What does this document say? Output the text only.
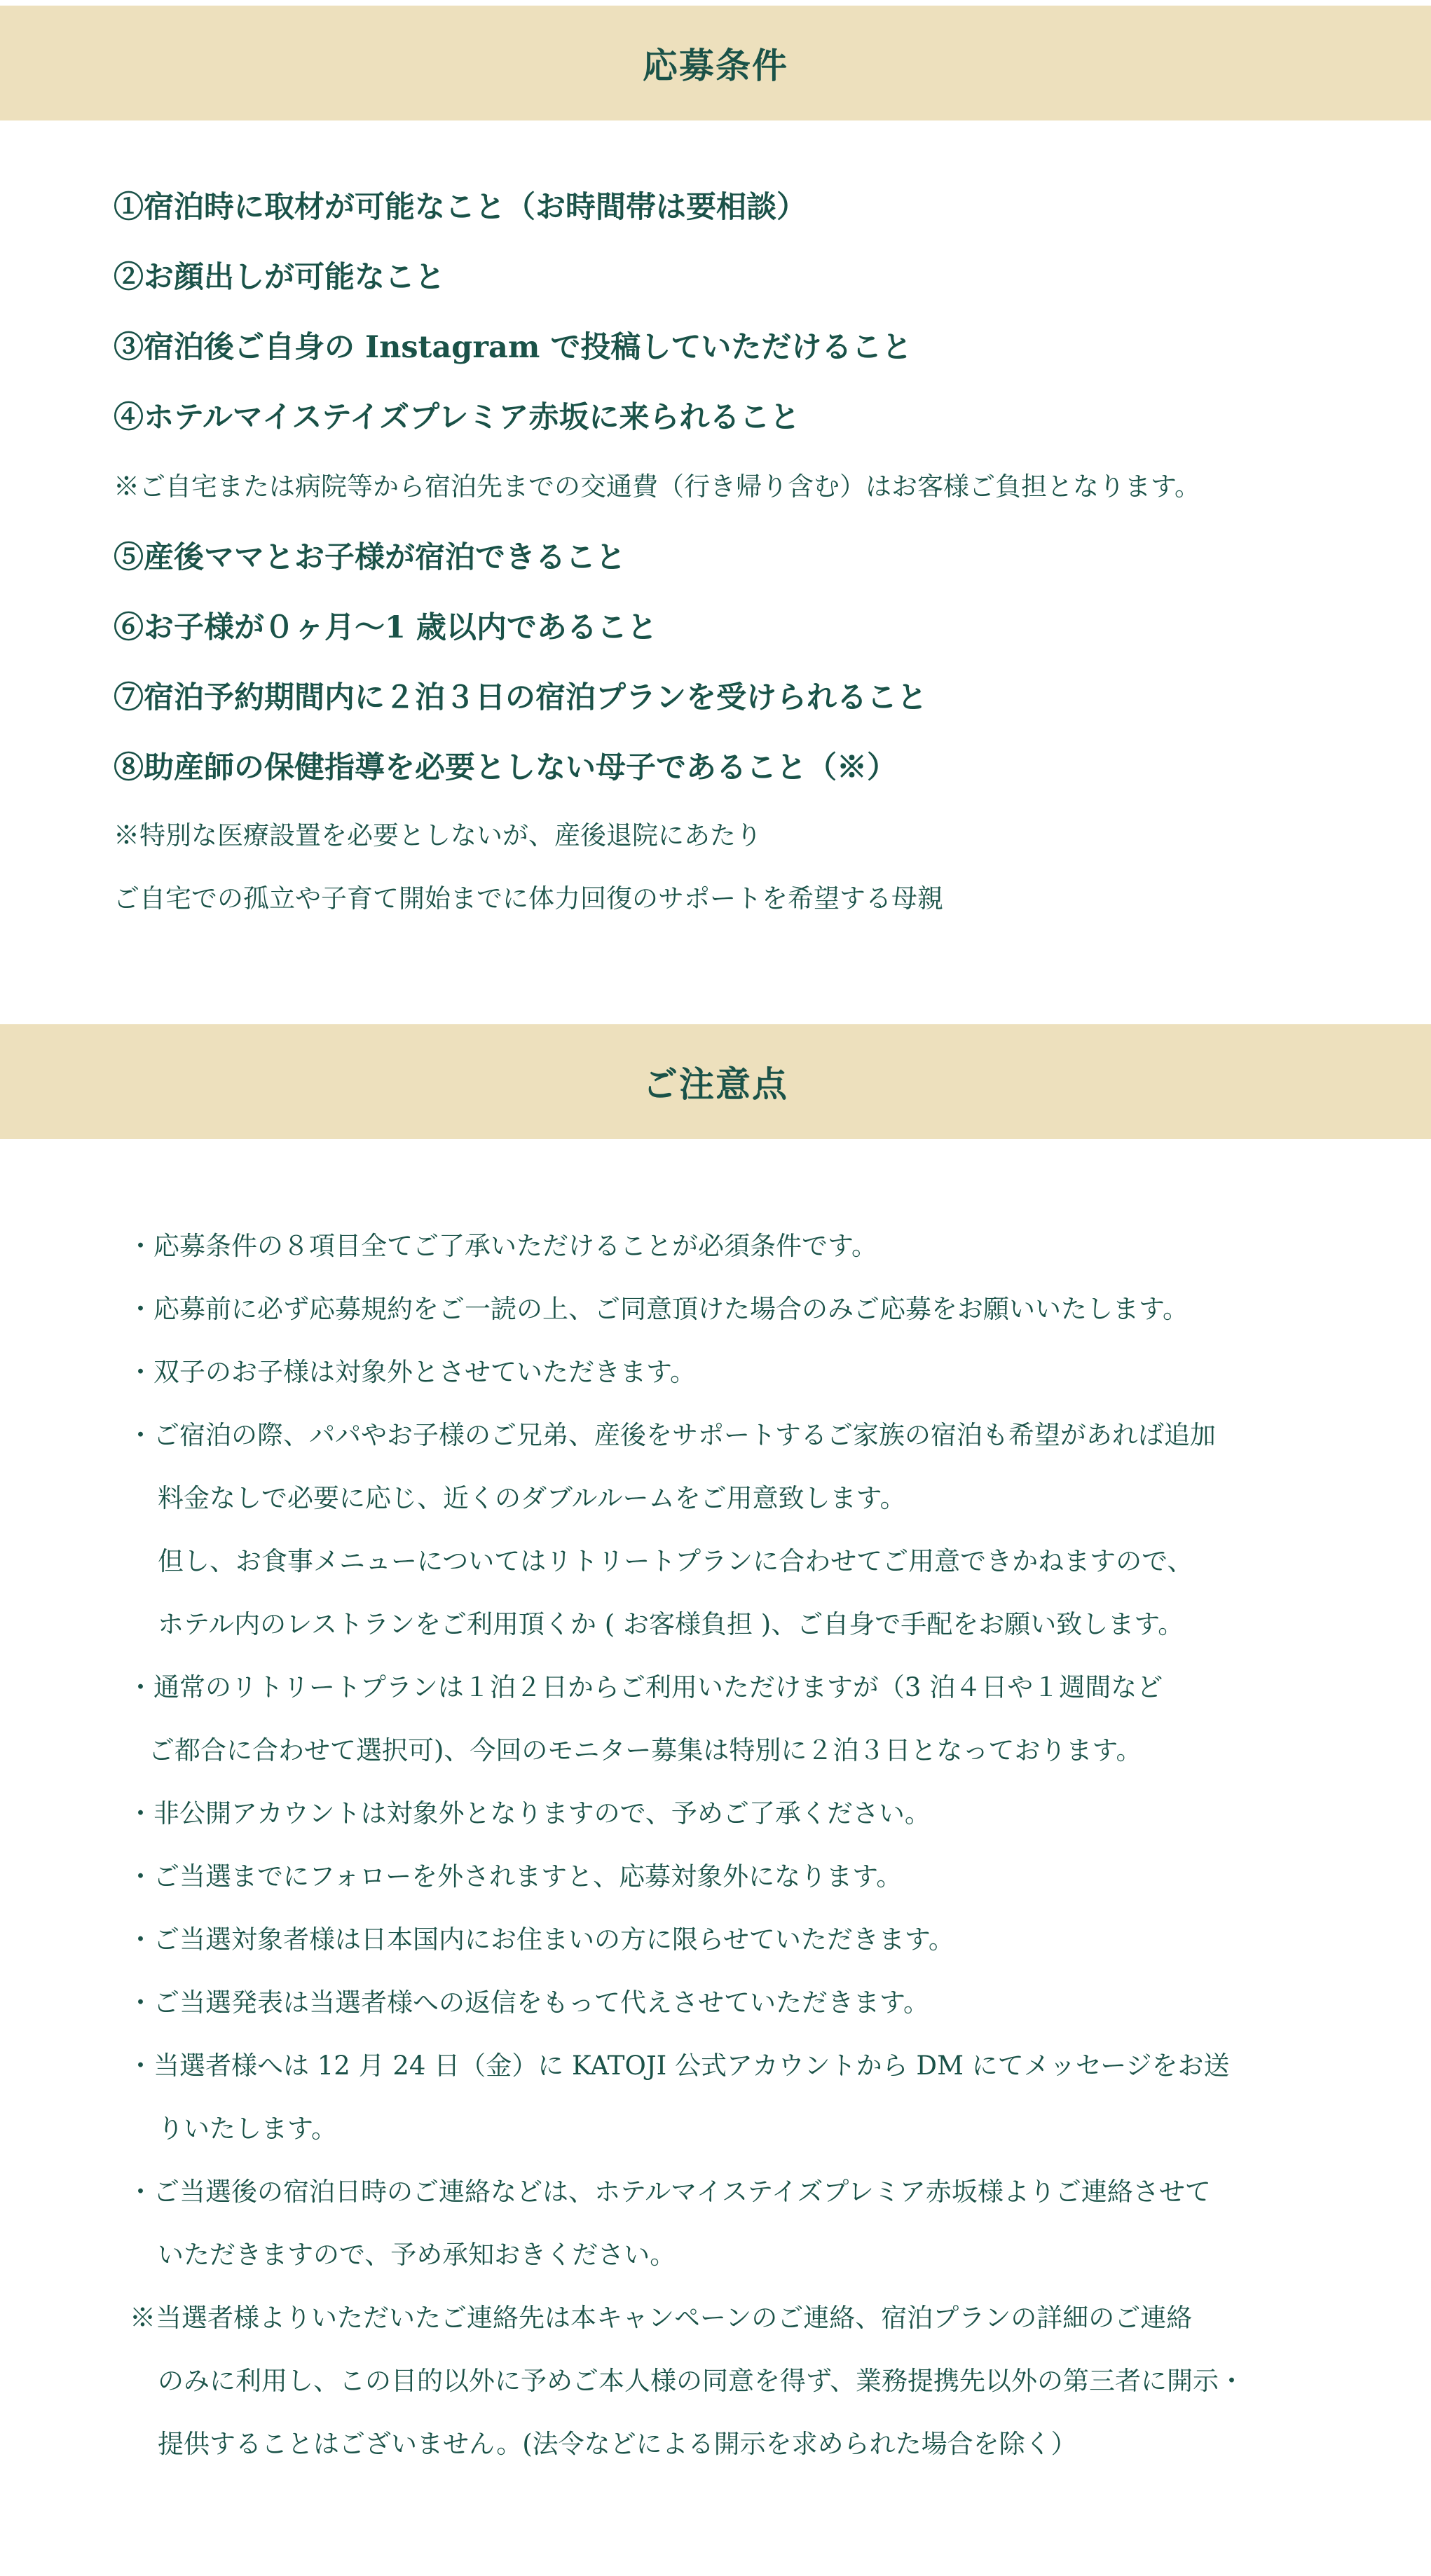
応募条件
①宿泊時に取材が可能なこと（お時間帯は要相談）
②お顔出しが可能なこと
③宿泊後ご自身の Instagram で投稿していただけること
④ホテルマイステイズプレミア赤坂に来られること
※ご自宅または病院等から宿泊先までの交通費（行き帰り含む）はお客様ご負担となります。
⑤産後ママとお子様が宿泊できること
⑥お子様が０ヶ月〜1 歳以内であること
⑦宿泊予約期間内に２泊３日の宿泊プランを受けられること
⑧助産師の保健指導を必要としない母子であること（※）
※特別な医療設置を必要としないが、産後退院にあたり
ご自宅での孤立や子育て開始までに体力回復のサポートを希望する母親
ご注意点
・応募条件の８項目全てご了承いただけることが必須条件です。
・応募前に必ず応募規約をご一読の上、ご同意頂けた場合のみご応募をお願いいたします。
・双子のお子様は対象外とさせていただきます。
・ご宿泊の際、パパやお子様のご兄弟、産後をサポートするご家族の宿泊も希望があれば追加
料金なしで必要に応じ、近くのダブルルームをご用意致します。
但し、お食事メニューについてはリトリートプランに合わせてご用意できかねますので、
ホテル内のレストランをご利用頂くか ( お客様負担 )、ご自身で手配をお願い致します。
・通常のリトリートプランは１泊２日からご利用いただけますが（3 泊４日や１週間など
ご都合に合わせて選択可)、今回のモニター募集は特別に２泊３日となっております。
・非公開アカウントは対象外となりますので、予めご了承ください。
・ご当選までにフォローを外されますと、応募対象外になります。
・ご当選対象者様は日本国内にお住まいの方に限らせていただきます。
・ご当選発表は当選者様への返信をもって代えさせていただきます。
・当選者様へは 12 月 24 日（金）に KATOJI 公式アカウントから DM にてメッセージをお送
りいたします。
・ご当選後の宿泊日時のご連絡などは、ホテルマイステイズプレミア赤坂様よりご連絡させて
いただきますので、予め承知おきください。
※当選者様よりいただいたご連絡先は本キャンペーンのご連絡、宿泊プランの詳細のご連絡
のみに利用し、この目的以外に予めご本人様の同意を得ず、業務提携先以外の第三者に開示・
提供することはございません。(法令などによる開示を求められた場合を除く）
